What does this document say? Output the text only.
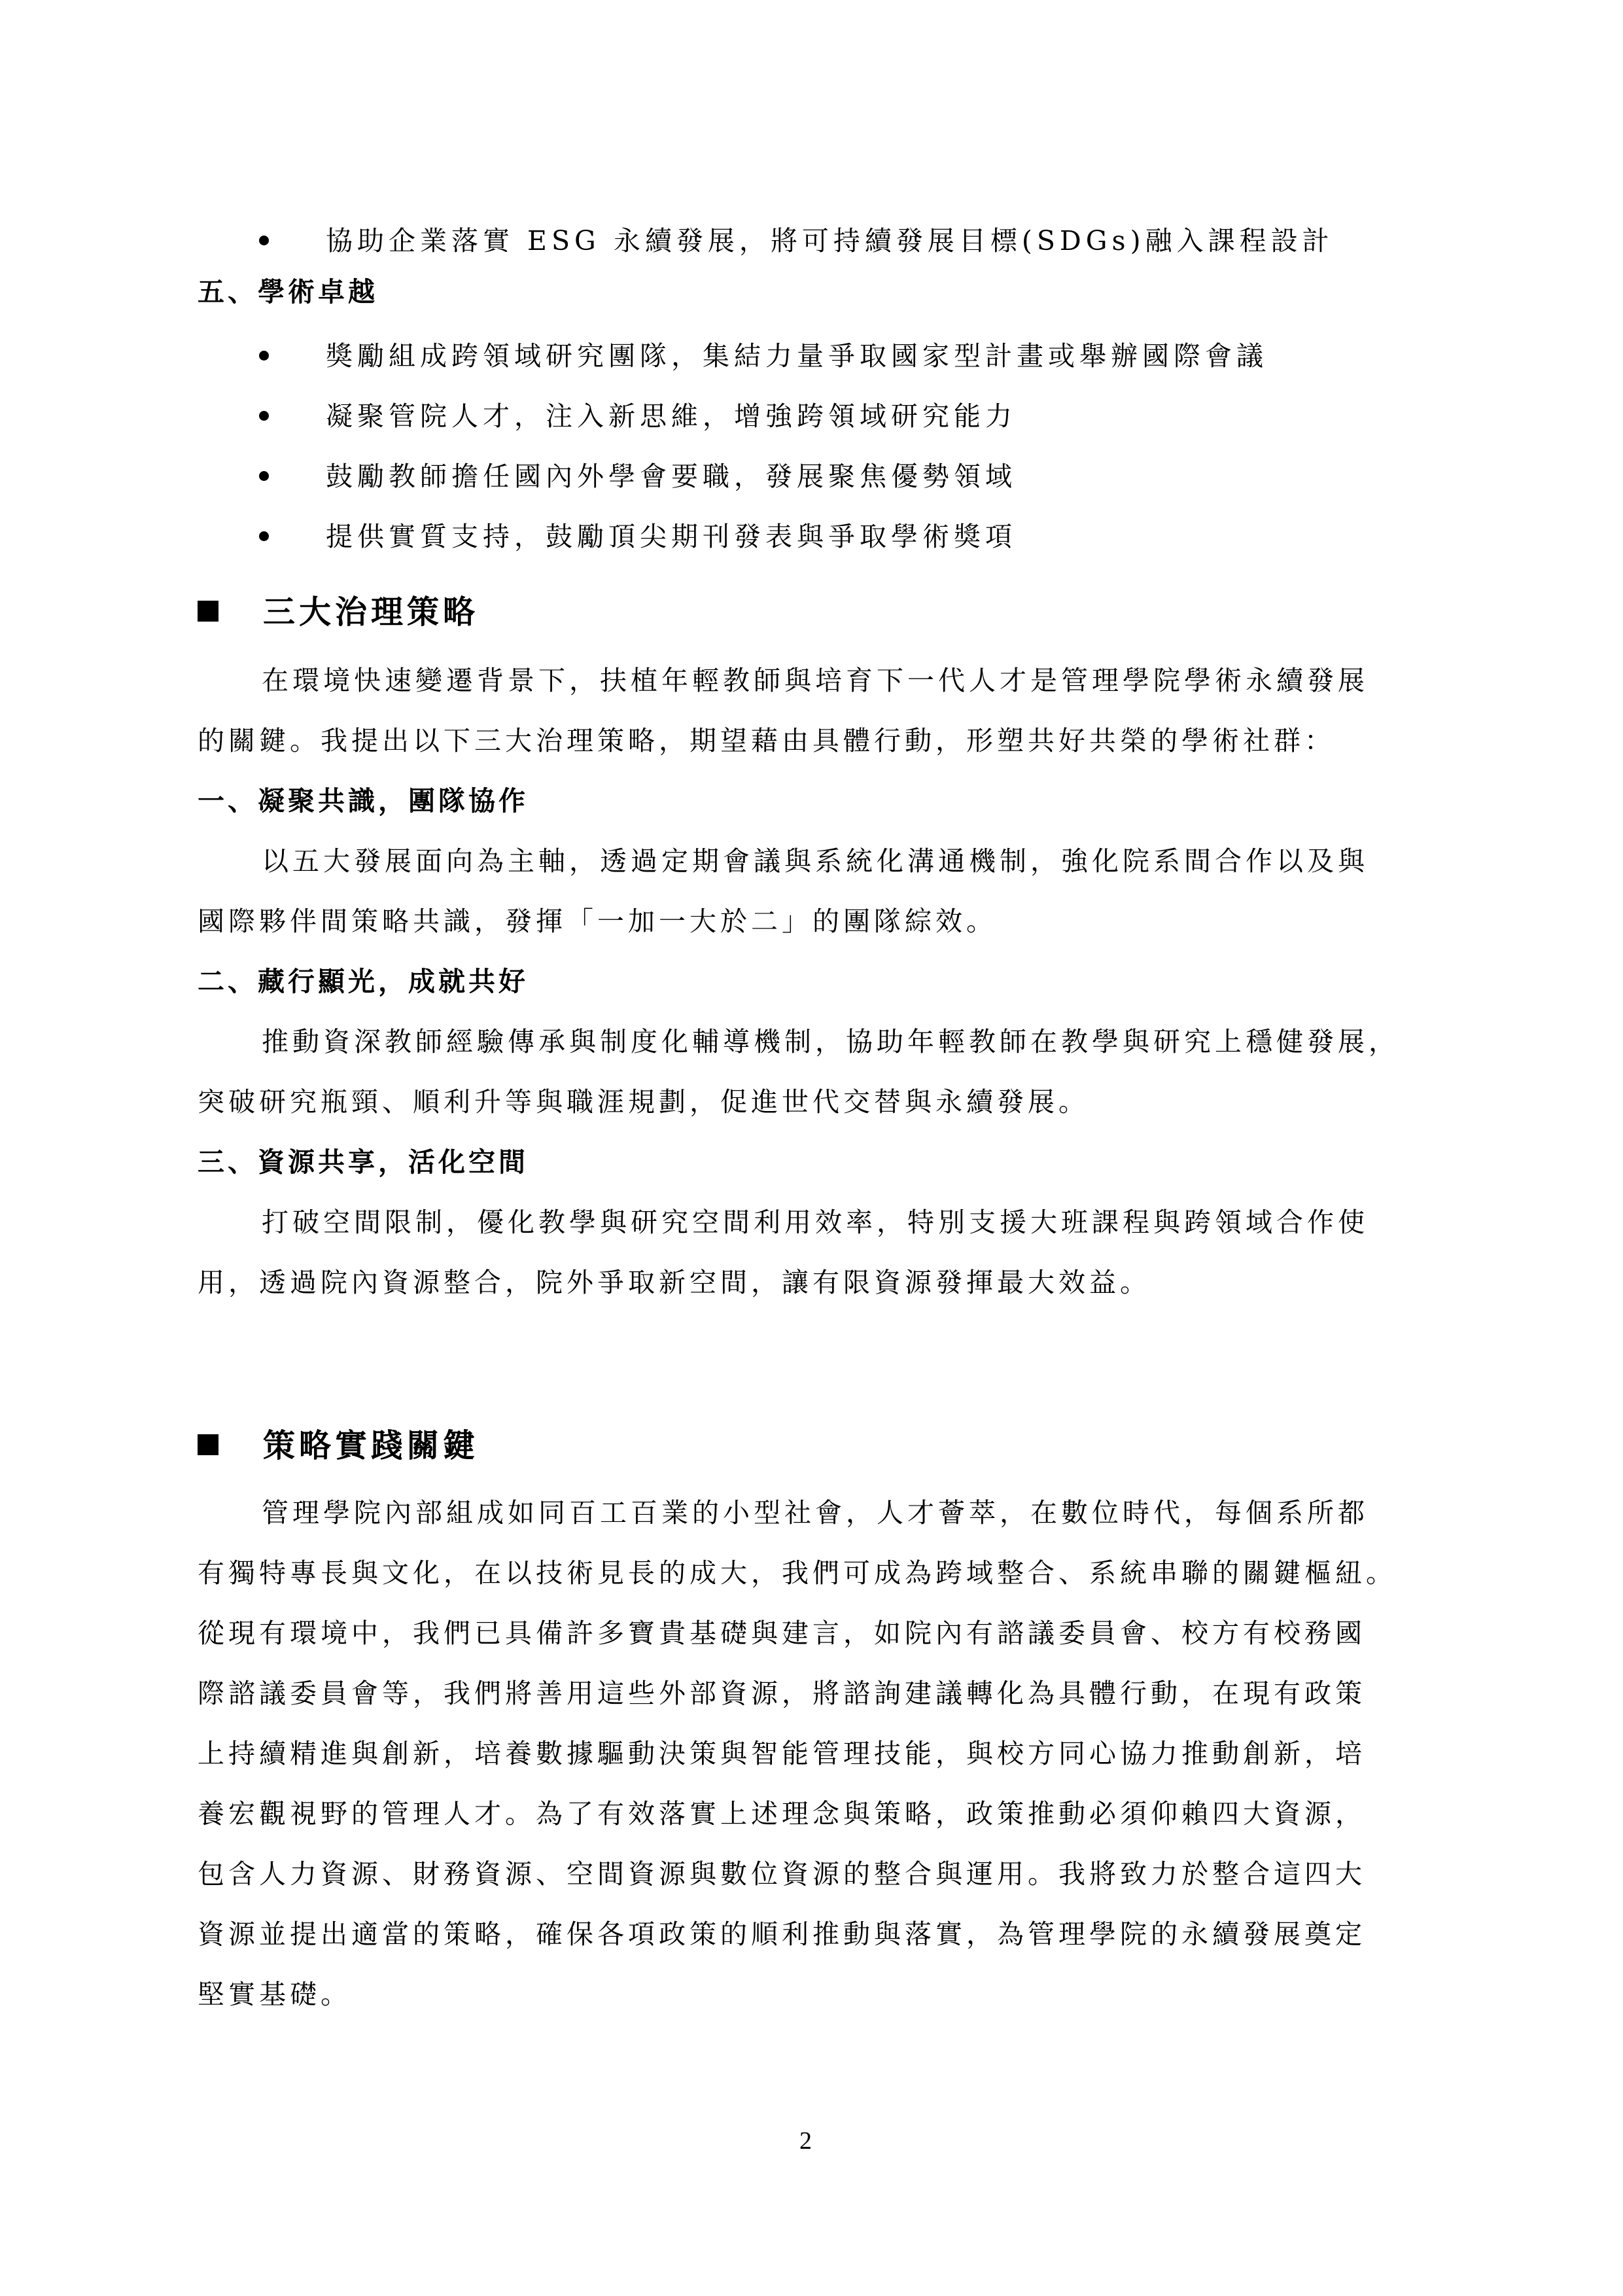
協助企業落實 ESG 永續發展，將可持續發展目標(SDGs)融入課程設計
五、學術卓越
獎勵組成跨領域研究團隊，集結力量爭取國家型計畫或舉辦國際會議
凝聚管院人才，注入新思維，增強跨領域研究能力
鼓勵教師擔任國內外學會要職，發展聚焦優勢領域
提供實質支持，鼓勵頂尖期刊發表與爭取學術獎項
三大治理策略
在環境快速變遷背景下，扶植年輕教師與培育下一代人才是管理學院學術永續發展
的關鍵。我提出以下三大治理策略，期望藉由具體行動，形塑共好共榮的學術社群：
一、凝聚共識，團隊協作
以五大發展面向為主軸，透過定期會議與系統化溝通機制，強化院系間合作以及與
國際夥伴間策略共識，發揮「一加一大於二」的團隊綜效。
二、藏行顯光，成就共好
推動資深教師經驗傳承與制度化輔導機制，協助年輕教師在教學與研究上穩健發展，
突破研究瓶頸、順利升等與職涯規劃，促進世代交替與永續發展。
三、資源共享，活化空間
打破空間限制，優化教學與研究空間利用效率，特別支援大班課程與跨領域合作使
用，透過院內資源整合，院外爭取新空間，讓有限資源發揮最大效益。
策略實踐關鍵
管理學院內部組成如同百工百業的小型社會，人才薈萃，在數位時代，每個系所都
有獨特專長與文化，在以技術見長的成大，我們可成為跨域整合、系統串聯的關鍵樞紐。
從現有環境中，我們已具備許多寶貴基礎與建言，如院內有諮議委員會、校方有校務國
際諮議委員會等，我們將善用這些外部資源，將諮詢建議轉化為具體行動，在現有政策
上持續精進與創新，培養數據驅動決策與智能管理技能，與校方同心協力推動創新，培
養宏觀視野的管理人才。為了有效落實上述理念與策略，政策推動必須仰賴四大資源，
包含人力資源、財務資源、空間資源與數位資源的整合與運用。我將致力於整合這四大
資源並提出適當的策略，確保各項政策的順利推動與落實，為管理學院的永續發展奠定
堅實基礎。
2
